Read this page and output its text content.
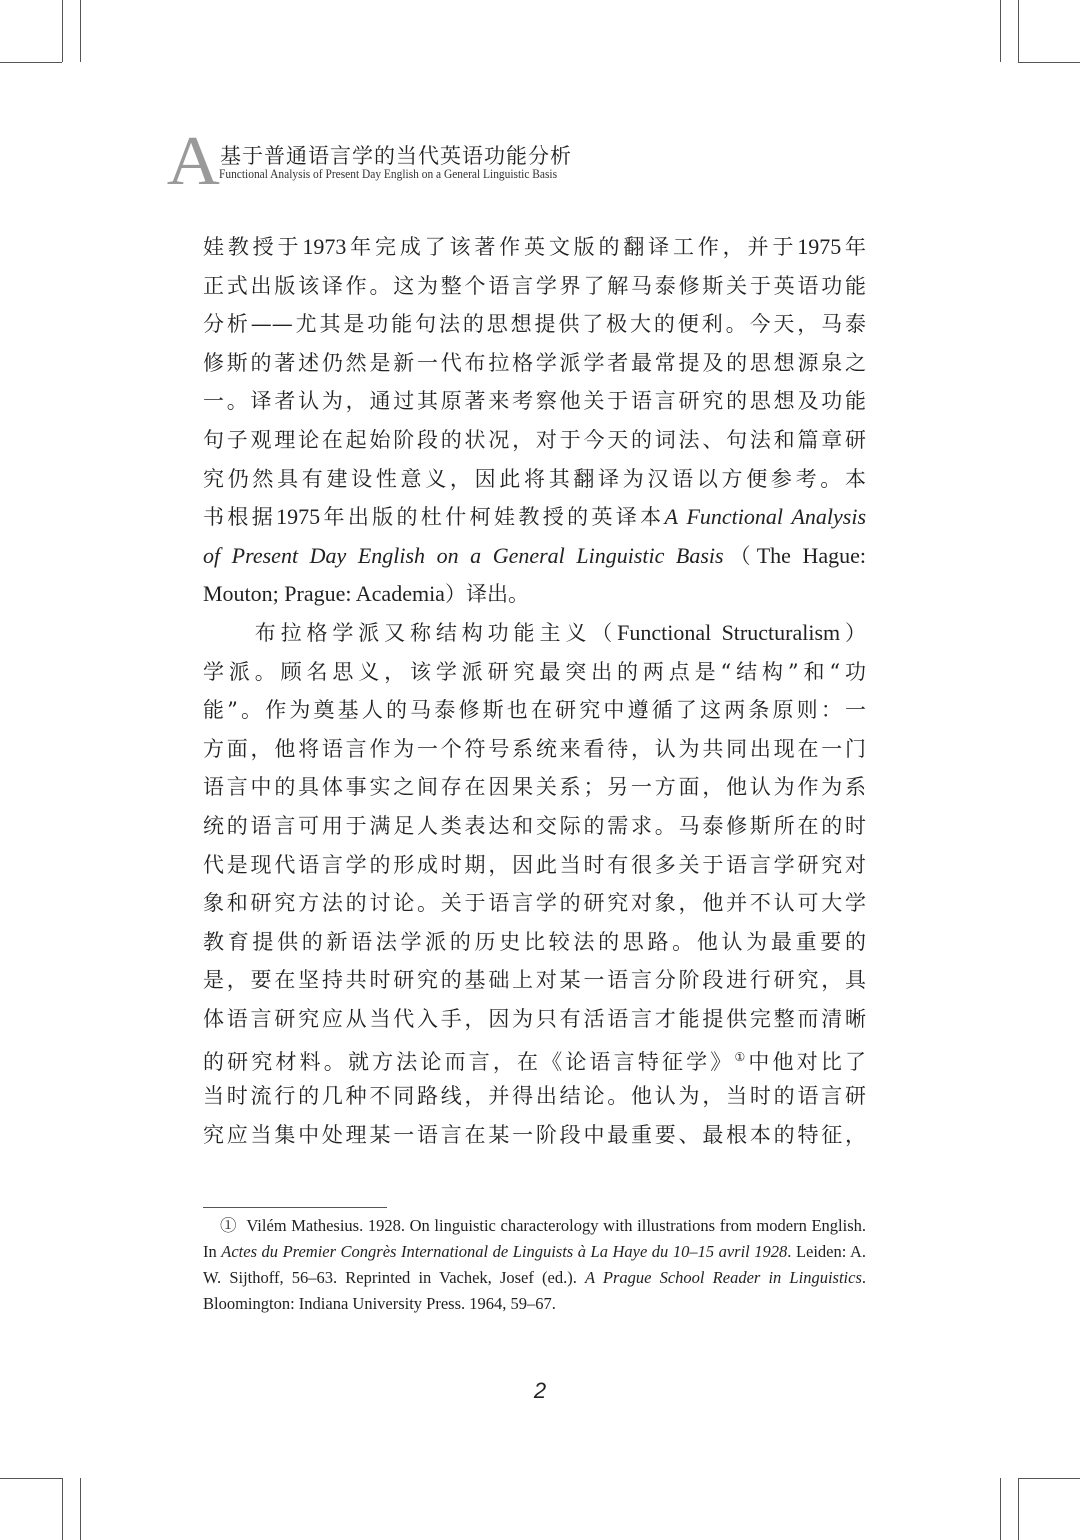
A 基于普通语言学的当代英语功能分析
Functional Analysis of Present Day English on a General Linguistic Basis
娃教授于1973年完成了该著作英文版的翻译工作，并于1975年
正式出版该译作。这为整个语言学界了解马泰修斯关于英语功能
分析——尤其是功能句法的思想提供了极大的便利。今天，马泰
修斯的著述仍然是新一代布拉格学派学者最常提及的思想源泉之
一。译者认为，通过其原著来考察他关于语言研究的思想及功能
句子观理论在起始阶段的状况，对于今天的词法、句法和篇章研
究仍然具有建设性意义，因此将其翻译为汉语以方便参考。本
书根据1975年出版的杜什柯娃教授的英译本A Functional Analysis
of Present Day English on a General Linguistic Basis（The Hague:
Mouton; Prague: Academia）译出。
　　布拉格学派又称结构功能主义（Functional Structuralism）
学派。顾名思义，该学派研究最突出的两点是“结构”和“功
能”。作为奠基人的马泰修斯也在研究中遵循了这两条原则：一
方面，他将语言作为一个符号系统来看待，认为共同出现在一门
语言中的具体事实之间存在因果关系；另一方面，他认为作为系
统的语言可用于满足人类表达和交际的需求。马泰修斯所在的时
代是现代语言学的形成时期，因此当时有很多关于语言学研究对
象和研究方法的讨论。关于语言学的研究对象，他并不认可大学
教育提供的新语法学派的历史比较法的思路。他认为最重要的
是，要在坚持共时研究的基础上对某一语言分阶段进行研究，具
体语言研究应从当代入手，因为只有活语言才能提供完整而清晰
的研究材料。就方法论而言，在《论语言特征学》①中他对比了
当时流行的几种不同路线，并得出结论。他认为，当时的语言研
究应当集中处理某一语言在某一阶段中最重要、最根本的特征，
　① Vilém Mathesius. 1928. On linguistic characterology with illustrations from modern English. In Actes du Premier Congrès International de Linguists à La Haye du 10–15 avril 1928. Leiden: A. W. Sijthoff, 56–63. Reprinted in Vachek, Josef (ed.). A Prague School Reader in Linguistics. Bloomington: Indiana University Press. 1964, 59–67.
2
